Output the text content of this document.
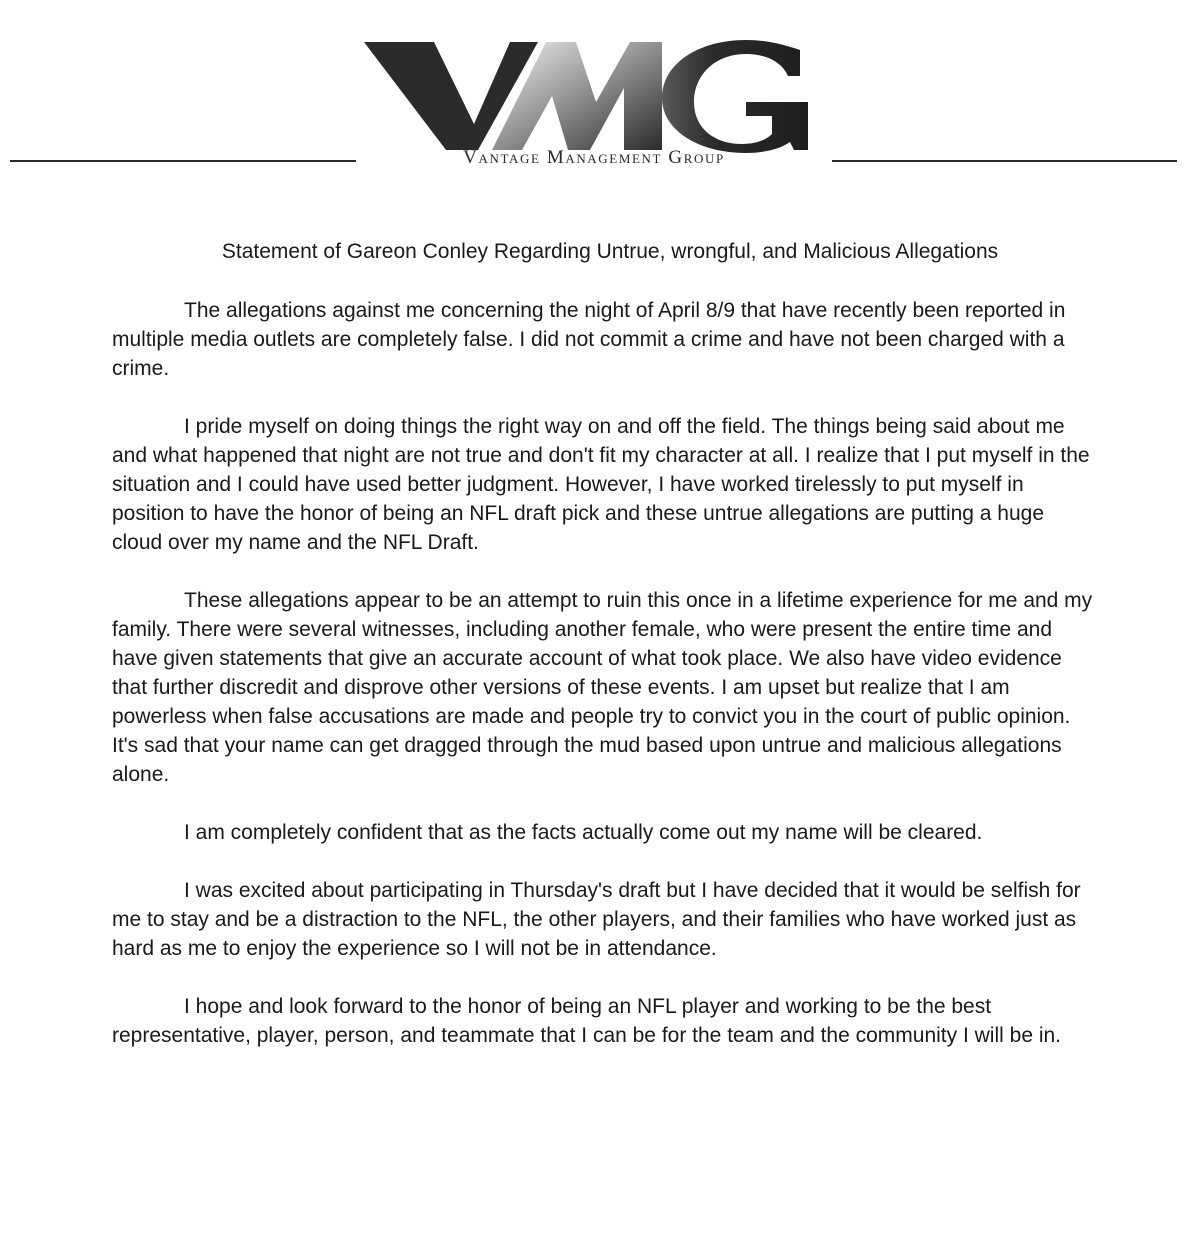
Vantage Management Group
Statement of Gareon Conley Regarding Untrue, wrongful, and Malicious Allegations

The allegations against me concerning the night of April 8/9 that have recently been reported in multiple media outlets are completely false. I did not commit a crime and have not been charged with a crime.

I pride myself on doing things the right way on and off the field. The things being said about me and what happened that night are not true and don't fit my character at all. I realize that I put myself in the situation and I could have used better judgment. However, I have worked tirelessly to put myself in position to have the honor of being an NFL draft pick and these untrue allegations are putting a huge cloud over my name and the NFL Draft.

These allegations appear to be an attempt to ruin this once in a lifetime experience for me and my family. There were several witnesses, including another female, who were present the entire time and have given statements that give an accurate account of what took place. We also have video evidence that further discredit and disprove other versions of these events. I am upset but realize that I am powerless when false accusations are made and people try to convict you in the court of public opinion. It's sad that your name can get dragged through the mud based upon untrue and malicious allegations alone.

I am completely confident that as the facts actually come out my name will be cleared.

I was excited about participating in Thursday's draft but I have decided that it would be selfish for me to stay and be a distraction to the NFL, the other players, and their families who have worked just as hard as me to enjoy the experience so I will not be in attendance.

I hope and look forward to the honor of being an NFL player and working to be the best representative, player, person, and teammate that I can be for the team and the community I will be in.
